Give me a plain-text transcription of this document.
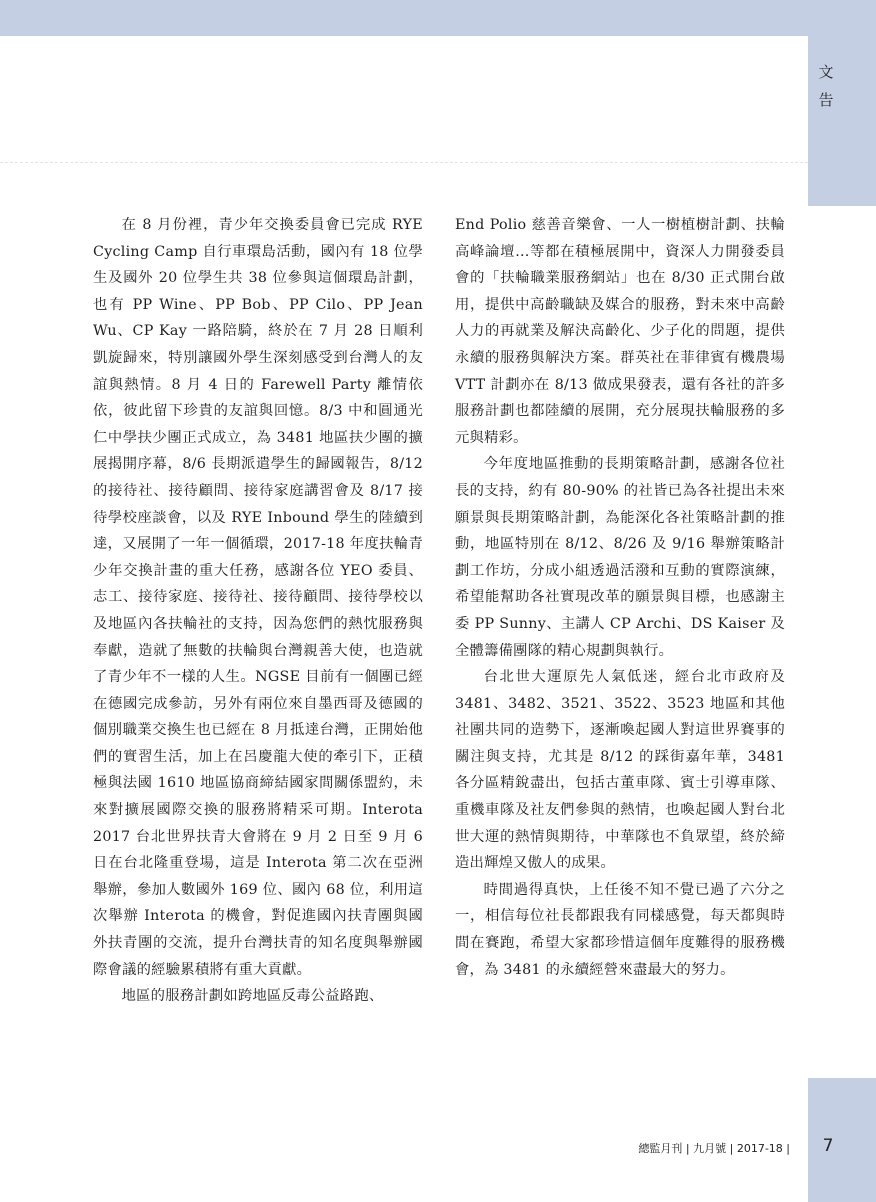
文
告

在 8 月份裡，青少年交換委員會已完成 RYE Cycling Camp 自行車環島活動，國內有 18 位學生及國外 20 位學生共 38 位參與這個環島計劃，也有 PP Wine、PP Bob、PP Cilo、PP Jean Wu、CP Kay 一路陪騎，終於在 7 月 28 日順利凱旋歸來，特別讓國外學生深刻感受到台灣人的友誼與熱情。8 月 4 日的 Farewell Party 離情依依，彼此留下珍貴的友誼與回憶。8/3 中和圓通光仁中學扶少團正式成立，為 3481 地區扶少團的擴展揭開序幕，8/6 長期派遣學生的歸國報告，8/12 的接待社、接待顧問、接待家庭講習會及 8/17 接待學校座談會，以及 RYE Inbound 學生的陸續到達，又展開了一年一個循環，2017-18 年度扶輪青少年交換計畫的重大任務，感謝各位 YEO 委員、志工、接待家庭、接待社、接待顧問、接待學校以及地區內各扶輪社的支持，因為您們的熱忱服務與奉獻，造就了無數的扶輪與台灣親善大使，也造就了青少年不一樣的人生。NGSE 目前有一個團已經在德國完成參訪，另外有兩位來自墨西哥及德國的個別職業交換生也已經在 8 月抵達台灣，正開始他們的實習生活，加上在呂慶龍大使的牽引下，正積極與法國 1610 地區協商締結國家間關係盟約，未來對擴展國際交換的服務將精采可期。Interota 2017 台北世界扶青大會將在 9 月 2 日至 9 月 6 日在台北隆重登場，這是 Interota 第二次在亞洲舉辦，參加人數國外 169 位、國內 68 位，利用這次舉辦 Interota 的機會，對促進國內扶青團與國外扶青團的交流，提升台灣扶青的知名度與舉辦國際會議的經驗累積將有重大貢獻。

地區的服務計劃如跨地區反毒公益路跑、

End Polio 慈善音樂會、一人一樹植樹計劃、扶輪高峰論壇…等都在積極展開中，資深人力開發委員會的「扶輪職業服務網站」也在 8/30 正式開台啟用，提供中高齡職缺及媒合的服務，對未來中高齡人力的再就業及解決高齡化、少子化的問題，提供永續的服務與解決方案。群英社在菲律賓有機農場 VTT 計劃亦在 8/13 做成果發表，還有各社的許多服務計劃也都陸續的展開，充分展現扶輪服務的多元與精彩。

今年度地區推動的長期策略計劃，感謝各位社長的支持，約有 80-90% 的社皆已為各社提出未來願景與長期策略計劃，為能深化各社策略計劃的推動，地區特別在 8/12、8/26 及 9/16 舉辦策略計劃工作坊，分成小組透過活潑和互動的實際演練，希望能幫助各社實現改革的願景與目標，也感謝主委 PP Sunny、主講人 CP Archi、DS Kaiser 及全體籌備團隊的精心規劃與執行。

台北世大運原先人氣低迷，經台北市政府及 3481、3482、3521、3522、3523 地區和其他社團共同的造勢下，逐漸喚起國人對這世界賽事的關注與支持，尤其是 8/12 的踩街嘉年華，3481 各分區精銳盡出，包括古董車隊、賓士引導車隊、重機車隊及社友們參與的熱情，也喚起國人對台北世大運的熱情與期待，中華隊也不負眾望，終於締造出輝煌又傲人的成果。

時間過得真快，上任後不知不覺已過了六分之一，相信每位社長都跟我有同樣感覺，每天都與時間在賽跑，希望大家都珍惜這個年度難得的服務機會，為 3481 的永續經營來盡最大的努力。

總監月刊 | 九月號 | 2017-18 |	7
